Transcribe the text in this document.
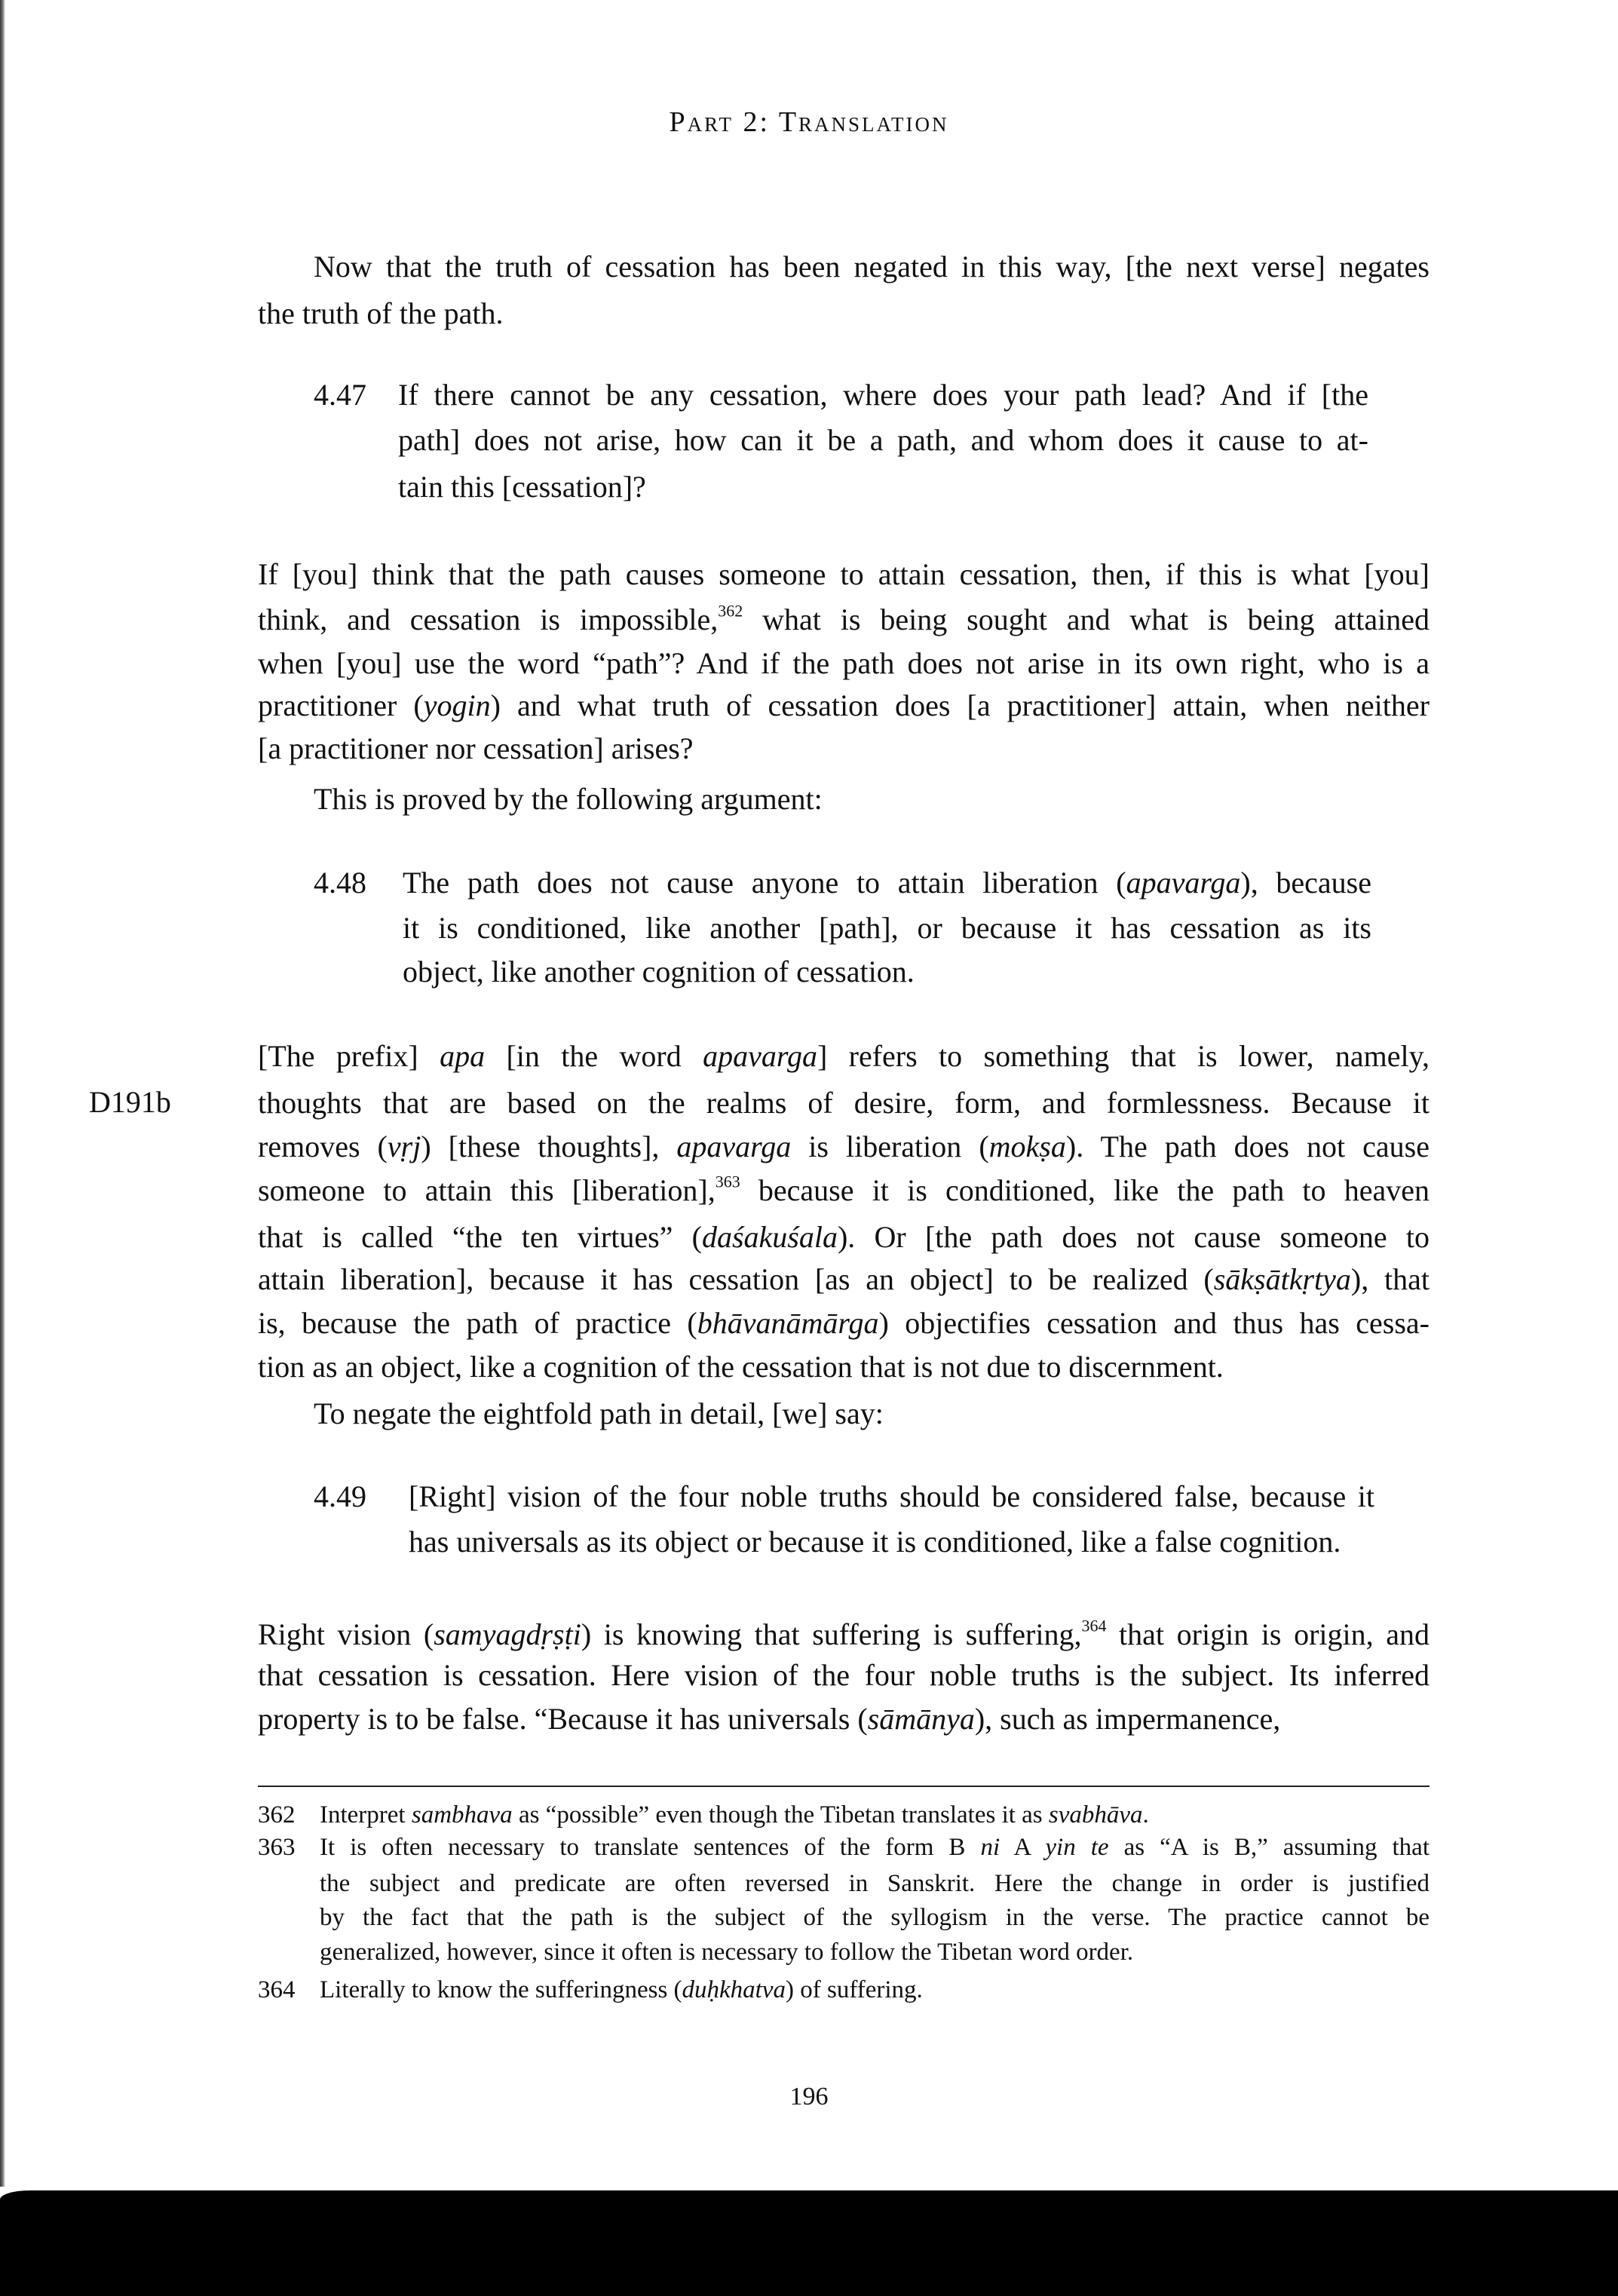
Part 2: Translation
Now that the truth of cessation has been negated in this way, [the next verse] negates
the truth of the path.
If there cannot be any cessation, where does your path lead? And if [the
path] does not arise, how can it be a path, and whom does it cause to at-
tain this [cessation]?
4.47
If [you] think that the path causes someone to attain cessation, then, if this is what [you]
think, and cessation is impossible,$^{362}$ what is being sought and what is being attained
when [you] use the word “path”? And if the path does not arise in its own right, who is a
practitioner (yogin) and what truth of cessation does [a practitioner] attain, when neither
[a practitioner nor cessation] arises?
This is proved by the following argument:
The path does not cause anyone to attain liberation (apavarga), because
it is conditioned, like another [path], or because it has cessation as its
object, like another cognition of cessation.
4.48
[The prefix] apa [in the word apavarga] refers to something that is lower, namely,
thoughts that are based on the realms of desire, form, and formlessness. Because it
removes (vṛj) [these thoughts], apavarga is liberation (mokṣa). The path does not cause
someone to attain this [liberation],$^{363}$ because it is conditioned, like the path to heaven
that is called “the ten virtues” (daśakuśala). Or [the path does not cause someone to
attain liberation], because it has cessation [as an object] to be realized (sākṣātkṛtya), that
is, because the path of practice (bhāvanāmārga) objectifies cessation and thus has cessa-
tion as an object, like a cognition of the cessation that is not due to discernment.
To negate the eightfold path in detail, [we] say:
[Right] vision of the four noble truths should be considered false, because it
has universals as its object or because it is conditioned, like a false cognition.
4.49
Right vision (samyagdṛṣṭi) is knowing that suffering is suffering,$^{364}$ that origin is origin, and
that cessation is cessation. Here vision of the four noble truths is the subject. Its inferred
property is to be false. “Because it has universals (sāmānya), such as impermanence,
D191b
362 Interpret sambhava as “possible” even though the Tibetan translates it as svabhāva.
363 It is often necessary to translate sentences of the form B ni A yin te as “A is B,” assuming that
the subject and predicate are often reversed in Sanskrit. Here the change in order is justified
by the fact that the path is the subject of the syllogism in the verse. The practice cannot be
generalized, however, since it often is necessary to follow the Tibetan word order.
364 Literally to know the sufferingness (duḥkhatva) of suffering.
196
